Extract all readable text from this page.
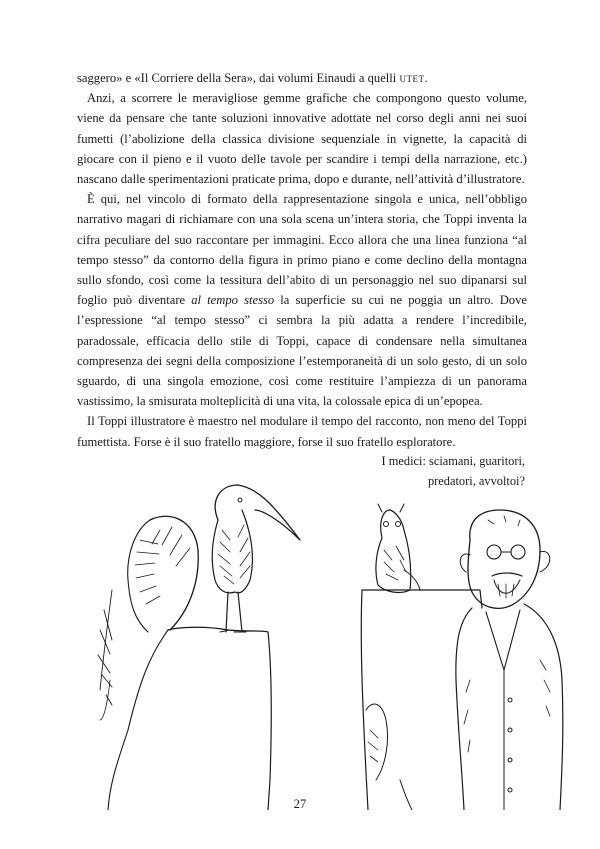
saggero» e «Il Corriere della Sera», dai volumi Einaudi a quelli utet.

Anzi, a scorrere le meravigliose gemme grafiche che compongono questo volume, viene da pensare che tante soluzioni innovative adottate nel corso degli anni nei suoi fumetti (l’abolizione della classica divisione sequenziale in vignette, la capacità di giocare con il pieno e il vuoto delle tavole per scandire i tempi della narrazione, etc.) nascano dalle sperimentazioni praticate prima, dopo e durante, nell’attività d’illustratore.

È qui, nel vincolo di formato della rappresentazione singola e unica, nell’obbligo narrativo magari di richiamare con una sola scena un’intera storia, che Toppi inventa la cifra peculiare del suo raccontare per immagini. Ecco allora che una linea funziona “al tempo stesso” da contorno della figura in primo piano e come declino della montagna sullo sfondo, così come la tessitura dell’abito di un personaggio nel suo dipanarsi sul foglio può diventare al tempo stesso la superficie su cui ne poggia un altro. Dove l’espressione “al tempo stesso” ci sembra la più adatta a rendere l’incredibile, paradossale, efficacia dello stile di Toppi, capace di condensare nella simultanea compresenza dei segni della composizione l’estemporaneità di un solo gesto, di un solo sguardo, di una singola emozione, così come restituire l’ampiezza di un panorama vastissimo, la smisurata molteplicità di una vita, la colossale epica di un’epopea.

Il Toppi illustratore è maestro nel modulare il tempo del racconto, non meno del Toppi fumettista. Forse è il suo fratello maggiore, forse il suo fratello esploratore.

I medici: sciamani, guaritori,
predatori, avvoltoi?
27
